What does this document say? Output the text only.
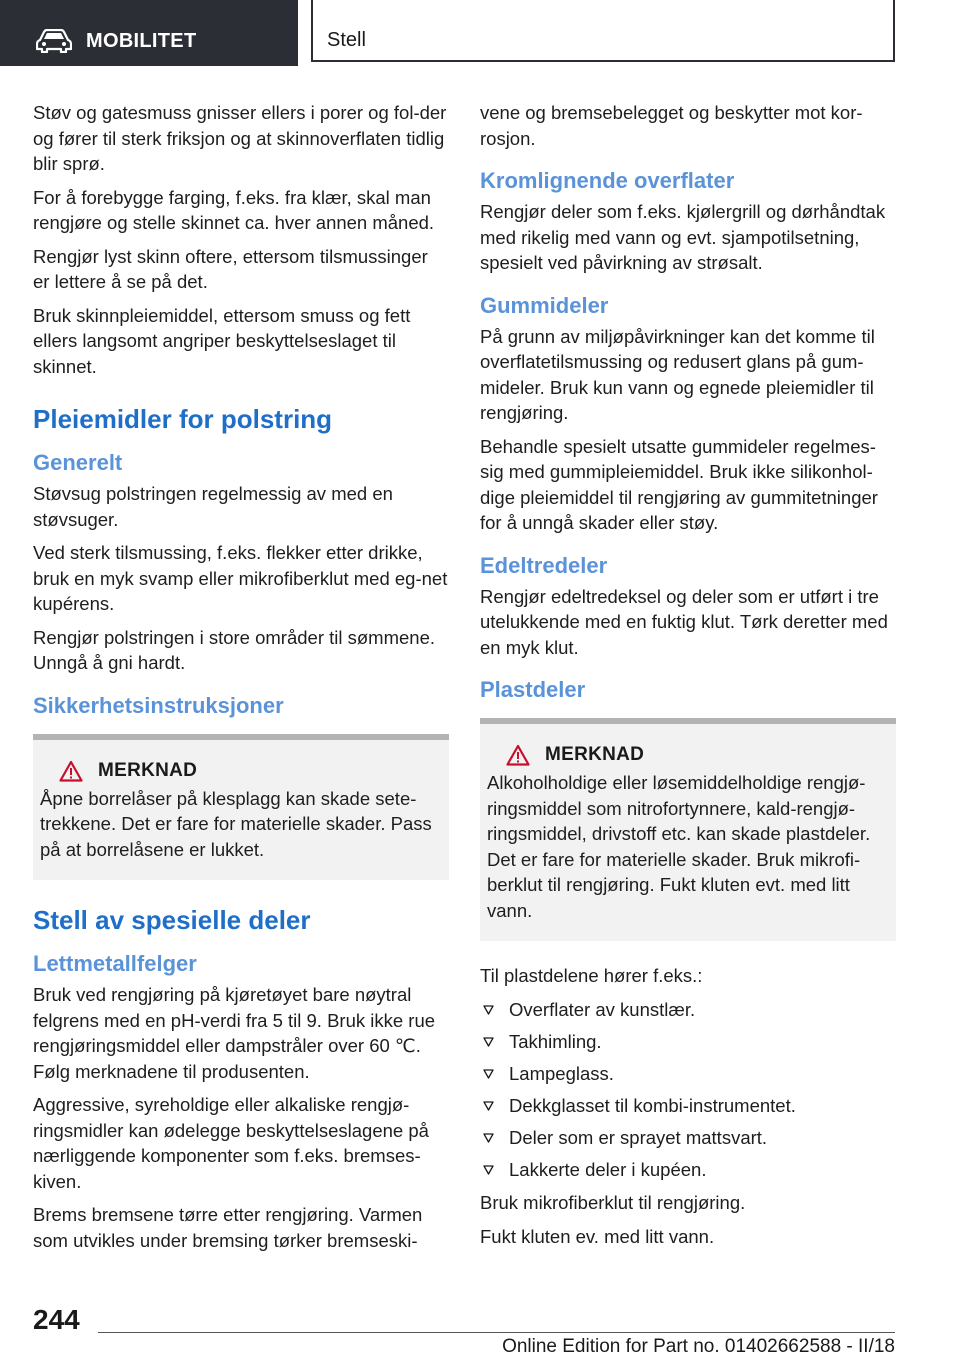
MOBILITET	Stell

Støv og gatesmuss gnisser ellers i porer og fol-der og fører til sterk friksjon og at skinnoverflaten tidlig blir sprø.

For å forebygge farging, f.eks. fra klær, skal man rengjøre og stelle skinnet ca. hver annen måned.

Rengjør lyst skinn oftere, ettersom tilsmussinger er lettere å se på det.

Bruk skinnpleiemiddel, ettersom smuss og fett ellers langsomt angriper beskyttelseslaget til skinnet.

Pleiemidler for polstring
Generelt

Støvsug polstringen regelmessig av med en støvsuger.

Ved sterk tilsmussing, f.eks. flekker etter drikke, bruk en myk svamp eller mikrofiberklut med eg-net kupérens.

Rengjør polstringen i store områder til sømmene. Unngå å gni hardt.

Sikkerhetsinstruksjoner
MERKNAD

Åpne borrelåser på klesplagg kan skade sete-trekkene. Det er fare for materielle skader. Pass på at borrelåsene er lukket.

Stell av spesielle deler
Lettmetallfelger

Bruk ved rengjøring på kjøretøyet bare nøytral felgrens med en pH-verdi fra 5 til 9. Bruk ikke rue rengjøringsmiddel eller dampstråler over 60 ℃. Følg merknadene til produsenten.

Aggressive, syreholdige eller alkaliske rengjø-ringsmidler kan ødelegge beskyttelseslagene på nærliggende komponenter som f.eks. bremses-kiven.

Brems bremsene tørre etter rengjøring. Varmen som utvikles under bremsing tørker bremseski-

vene og bremsebelegget og beskytter mot kor-rosjon.

Kromlignende overflater

Rengjør deler som f.eks. kjølergrill og dørhåndtak med rikelig med vann og evt. sjampotilsetning, spesielt ved påvirkning av strøsalt.

Gummideler

På grunn av miljøpåvirkninger kan det komme til overflatetilsmussing og redusert glans på gum-mideler. Bruk kun vann og egnede pleiemidler til rengjøring.

Behandle spesielt utsatte gummideler regelmes-sig med gummipleiemiddel. Bruk ikke silikonhol-dige pleiemiddel til rengjøring av gummitetninger for å unngå skader eller støy.

Edeltredeler

Rengjør edeltredeksel og deler som er utført i tre utelukkende med en fuktig klut. Tørk deretter med en myk klut.

Plastdeler
MERKNAD

Alkoholholdige eller løsemiddelholdige rengjø-ringsmiddel som nitrofortynnere, kald-rengjø-ringsmiddel, drivstoff etc. kan skade plastdeler. Det er fare for materielle skader. Bruk mikrofi-berklut til rengjøring. Fukt kluten evt. med litt vann.

Til plastdelene hører f.eks.:

Overflater av kunstlær.
Takhimling.
Lampeglass.
Dekkglasset til kombi-instrumentet.
Deler som er sprayet mattsvart.
Lakkerte deler i kupéen.

Bruk mikrofiberklut til rengjøring.

Fukt kluten ev. med litt vann.

244
Online Edition for Part no. 01402662588 - II/18
